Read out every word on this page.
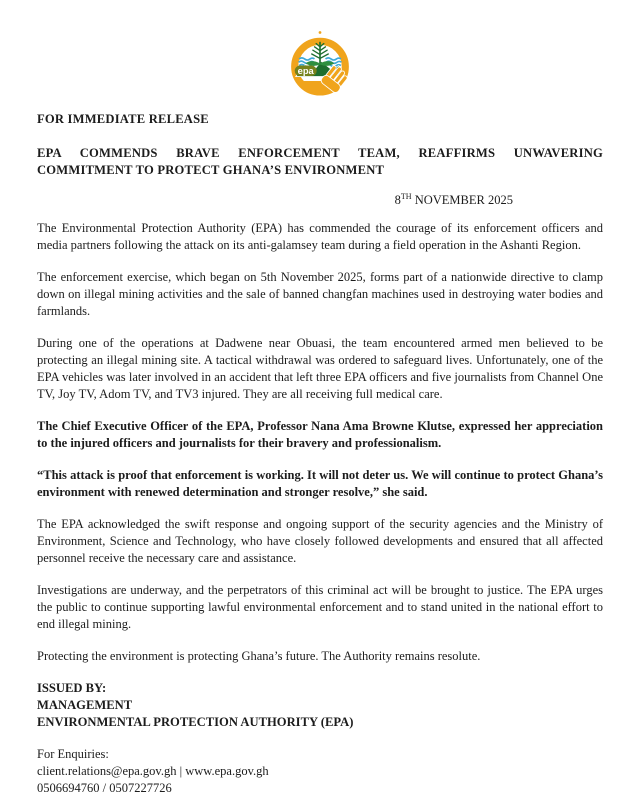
epa
FOR IMMEDIATE RELEASE
EPA COMMENDS BRAVE ENFORCEMENT TEAM, REAFFIRMS UNWAVERING COMMITMENT TO PROTECT GHANA’S ENVIRONMENT
8TH NOVEMBER 2025

The Environmental Protection Authority (EPA) has commended the courage of its enforcement officers and media partners following the attack on its anti-galamsey team during a field operation in the Ashanti Region.

The enforcement exercise, which began on 5th November 2025, forms part of a nationwide directive to clamp down on illegal mining activities and the sale of banned changfan machines used in destroying water bodies and farmlands.

During one of the operations at Dadwene near Obuasi, the team encountered armed men believed to be protecting an illegal mining site. A tactical withdrawal was ordered to safeguard lives. Unfortunately, one of the EPA vehicles was later involved in an accident that left three EPA officers and five journalists from Channel One TV, Joy TV, Adom TV, and TV3 injured. They are all receiving full medical care.

The Chief Executive Officer of the EPA, Professor Nana Ama Browne Klutse, expressed her appreciation to the injured officers and journalists for their bravery and professionalism.

“This attack is proof that enforcement is working. It will not deter us. We will continue to protect Ghana’s environment with renewed determination and stronger resolve,” she said.

The EPA acknowledged the swift response and ongoing support of the security agencies and the Ministry of Environment, Science and Technology, who have closely followed developments and ensured that all affected personnel receive the necessary care and assistance.

Investigations are underway, and the perpetrators of this criminal act will be brought to justice. The EPA urges the public to continue supporting lawful environmental enforcement and to stand united in the national effort to end illegal mining.

Protecting the environment is protecting Ghana’s future. The Authority remains resolute.

ISSUED BY:
MANAGEMENT
ENVIRONMENTAL PROTECTION AUTHORITY (EPA)
For Enquiries:
client.relations@epa.gov.gh | www.epa.gov.gh
0506694760 / 0507227726
